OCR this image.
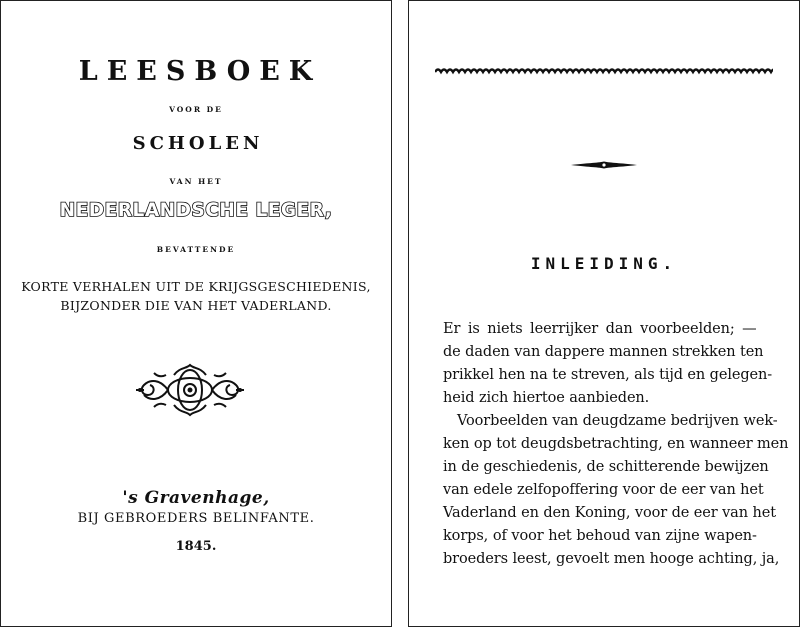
LEESBOEK
VOOR DE
SCHOLEN
VAN HET
NEDERLANDSCHE LEGER,
BEVATTENDE
KORTE VERHALEN UIT DE KRIJGSGESCHIEDENIS,
BIJZONDER DIE VAN HET VADERLAND.
's Gravenhage,
BIJ GEBROEDERS BELINFANTE.
1845.
INLEIDING.
Er is niets leerrijker dan voorbeelden; —
de daden van dappere mannen strekken ten
prikkel hen na te streven, als tijd en gelegen-
heid zich hiertoe aanbieden.
Voorbeelden van deugdzame bedrijven wek-
ken op tot deugdsbetrachting, en wanneer men
in de geschiedenis, de schitterende bewijzen
van edele zelfopoffering voor de eer van het
Vaderland en den Koning, voor de eer van het
korps, of voor het behoud van zijne wapen-
broeders leest, gevoelt men hooge achting, ja,
